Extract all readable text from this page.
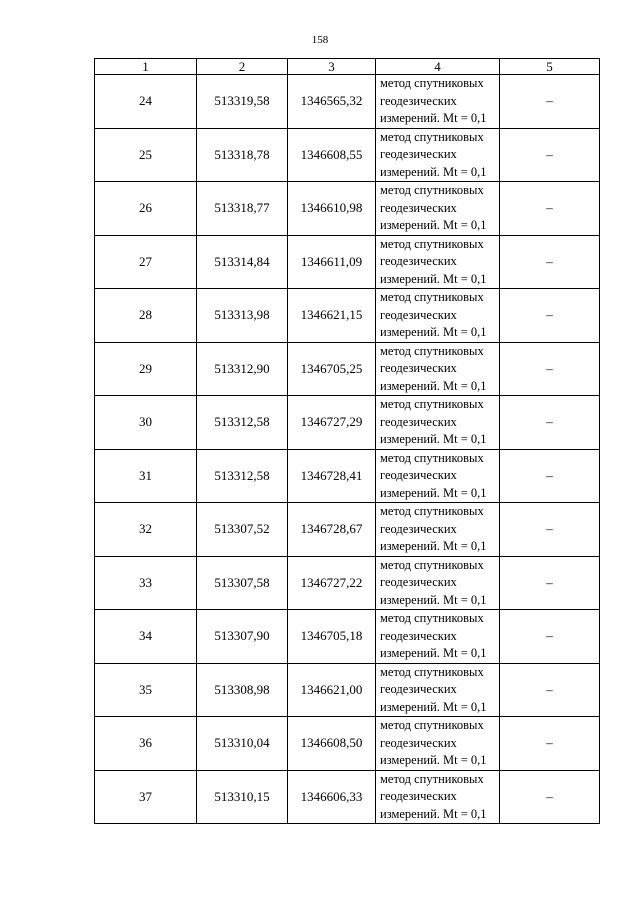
158
1	2	3	4	5
24	513319,58	1346565,32	метод спутниковых
геодезических
измерений. Mt = 0,1	–
25	513318,78	1346608,55	метод спутниковых
геодезических
измерений. Mt = 0,1	–
26	513318,77	1346610,98	метод спутниковых
геодезических
измерений. Mt = 0,1	–
27	513314,84	1346611,09	метод спутниковых
геодезических
измерений. Mt = 0,1	–
28	513313,98	1346621,15	метод спутниковых
геодезических
измерений. Mt = 0,1	–
29	513312,90	1346705,25	метод спутниковых
геодезических
измерений. Mt = 0,1	–
30	513312,58	1346727,29	метод спутниковых
геодезических
измерений. Mt = 0,1	–
31	513312,58	1346728,41	метод спутниковых
геодезических
измерений. Mt = 0,1	–
32	513307,52	1346728,67	метод спутниковых
геодезических
измерений. Mt = 0,1	–
33	513307,58	1346727,22	метод спутниковых
геодезических
измерений. Mt = 0,1	–
34	513307,90	1346705,18	метод спутниковых
геодезических
измерений. Mt = 0,1	–
35	513308,98	1346621,00	метод спутниковых
геодезических
измерений. Mt = 0,1	–
36	513310,04	1346608,50	метод спутниковых
геодезических
измерений. Mt = 0,1	–
37	513310,15	1346606,33	метод спутниковых
геодезических
измерений. Mt = 0,1	–
